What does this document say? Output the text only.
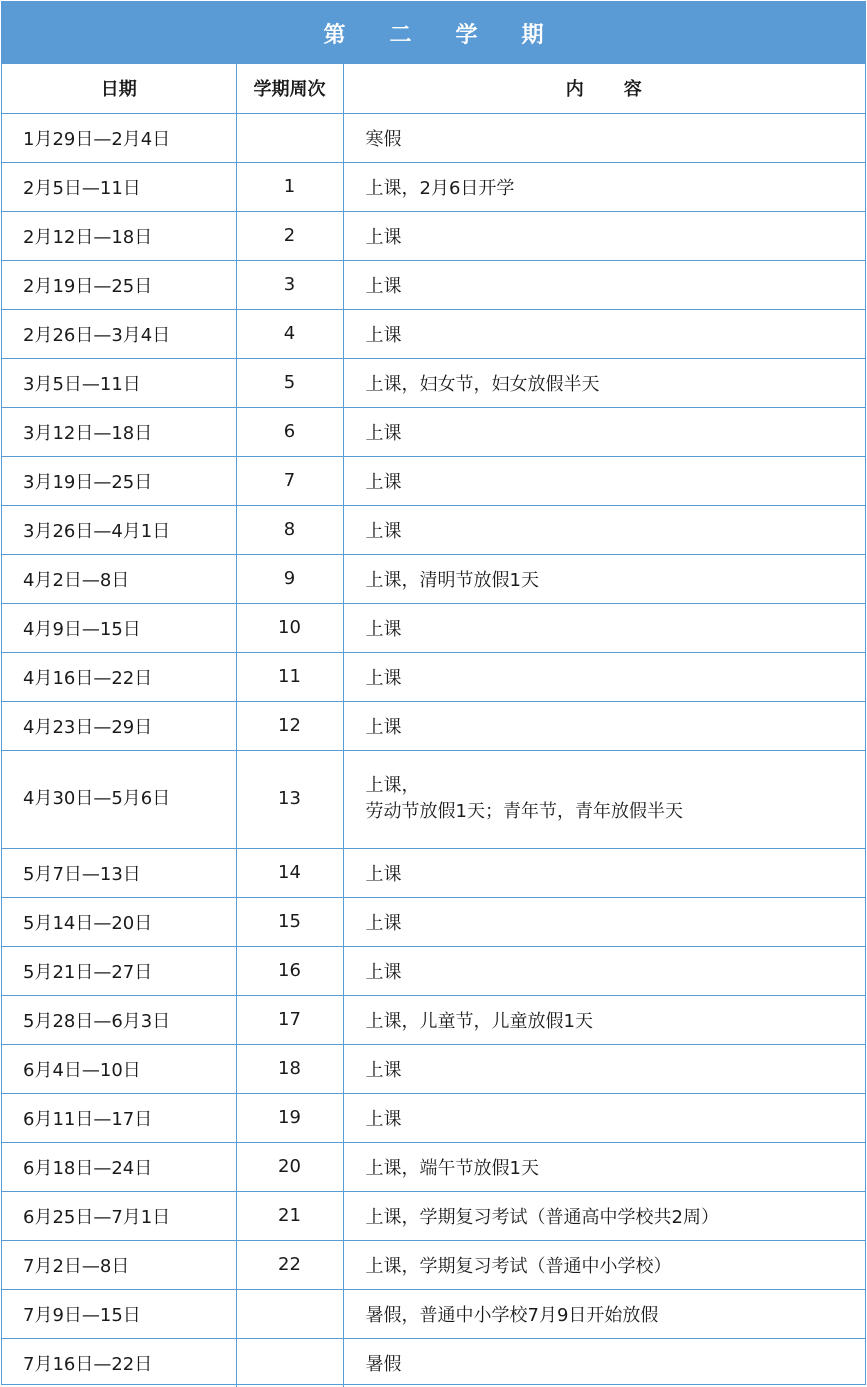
第二学期
日期	学期周次	内容
1月29日—2月4日		寒假

2月5日—11日	1	上课，2月6日开学

2月12日—18日	2	上课

2月19日—25日	3	上课

2月26日—3月4日	4	上课

3月5日—11日	5	上课，妇女节，妇女放假半天

3月12日—18日	6	上课

3月19日—25日	7	上课

3月26日—4月1日	8	上课

4月2日—8日	9	上课，清明节放假1天

4月9日—15日	10	上课

4月16日—22日	11	上课

4月23日—29日	12	上课

4月30日—5月6日	13	上课，
劳动节放假1天；青年节，青年放假半天

5月7日—13日	14	上课

5月14日—20日	15	上课

5月21日—27日	16	上课

5月28日—6月3日	17	上课，儿童节，儿童放假1天

6月4日—10日	18	上课

6月11日—17日	19	上课

6月18日—24日	20	上课，端午节放假1天

6月25日—7月1日	21	上课，学期复习考试（普通高中学校共2周）

7月2日—8日	22	上课，学期复习考试（普通中小学校）

7月9日—15日		暑假，普通中小学校7月9日开始放假

7月16日—22日		暑假
